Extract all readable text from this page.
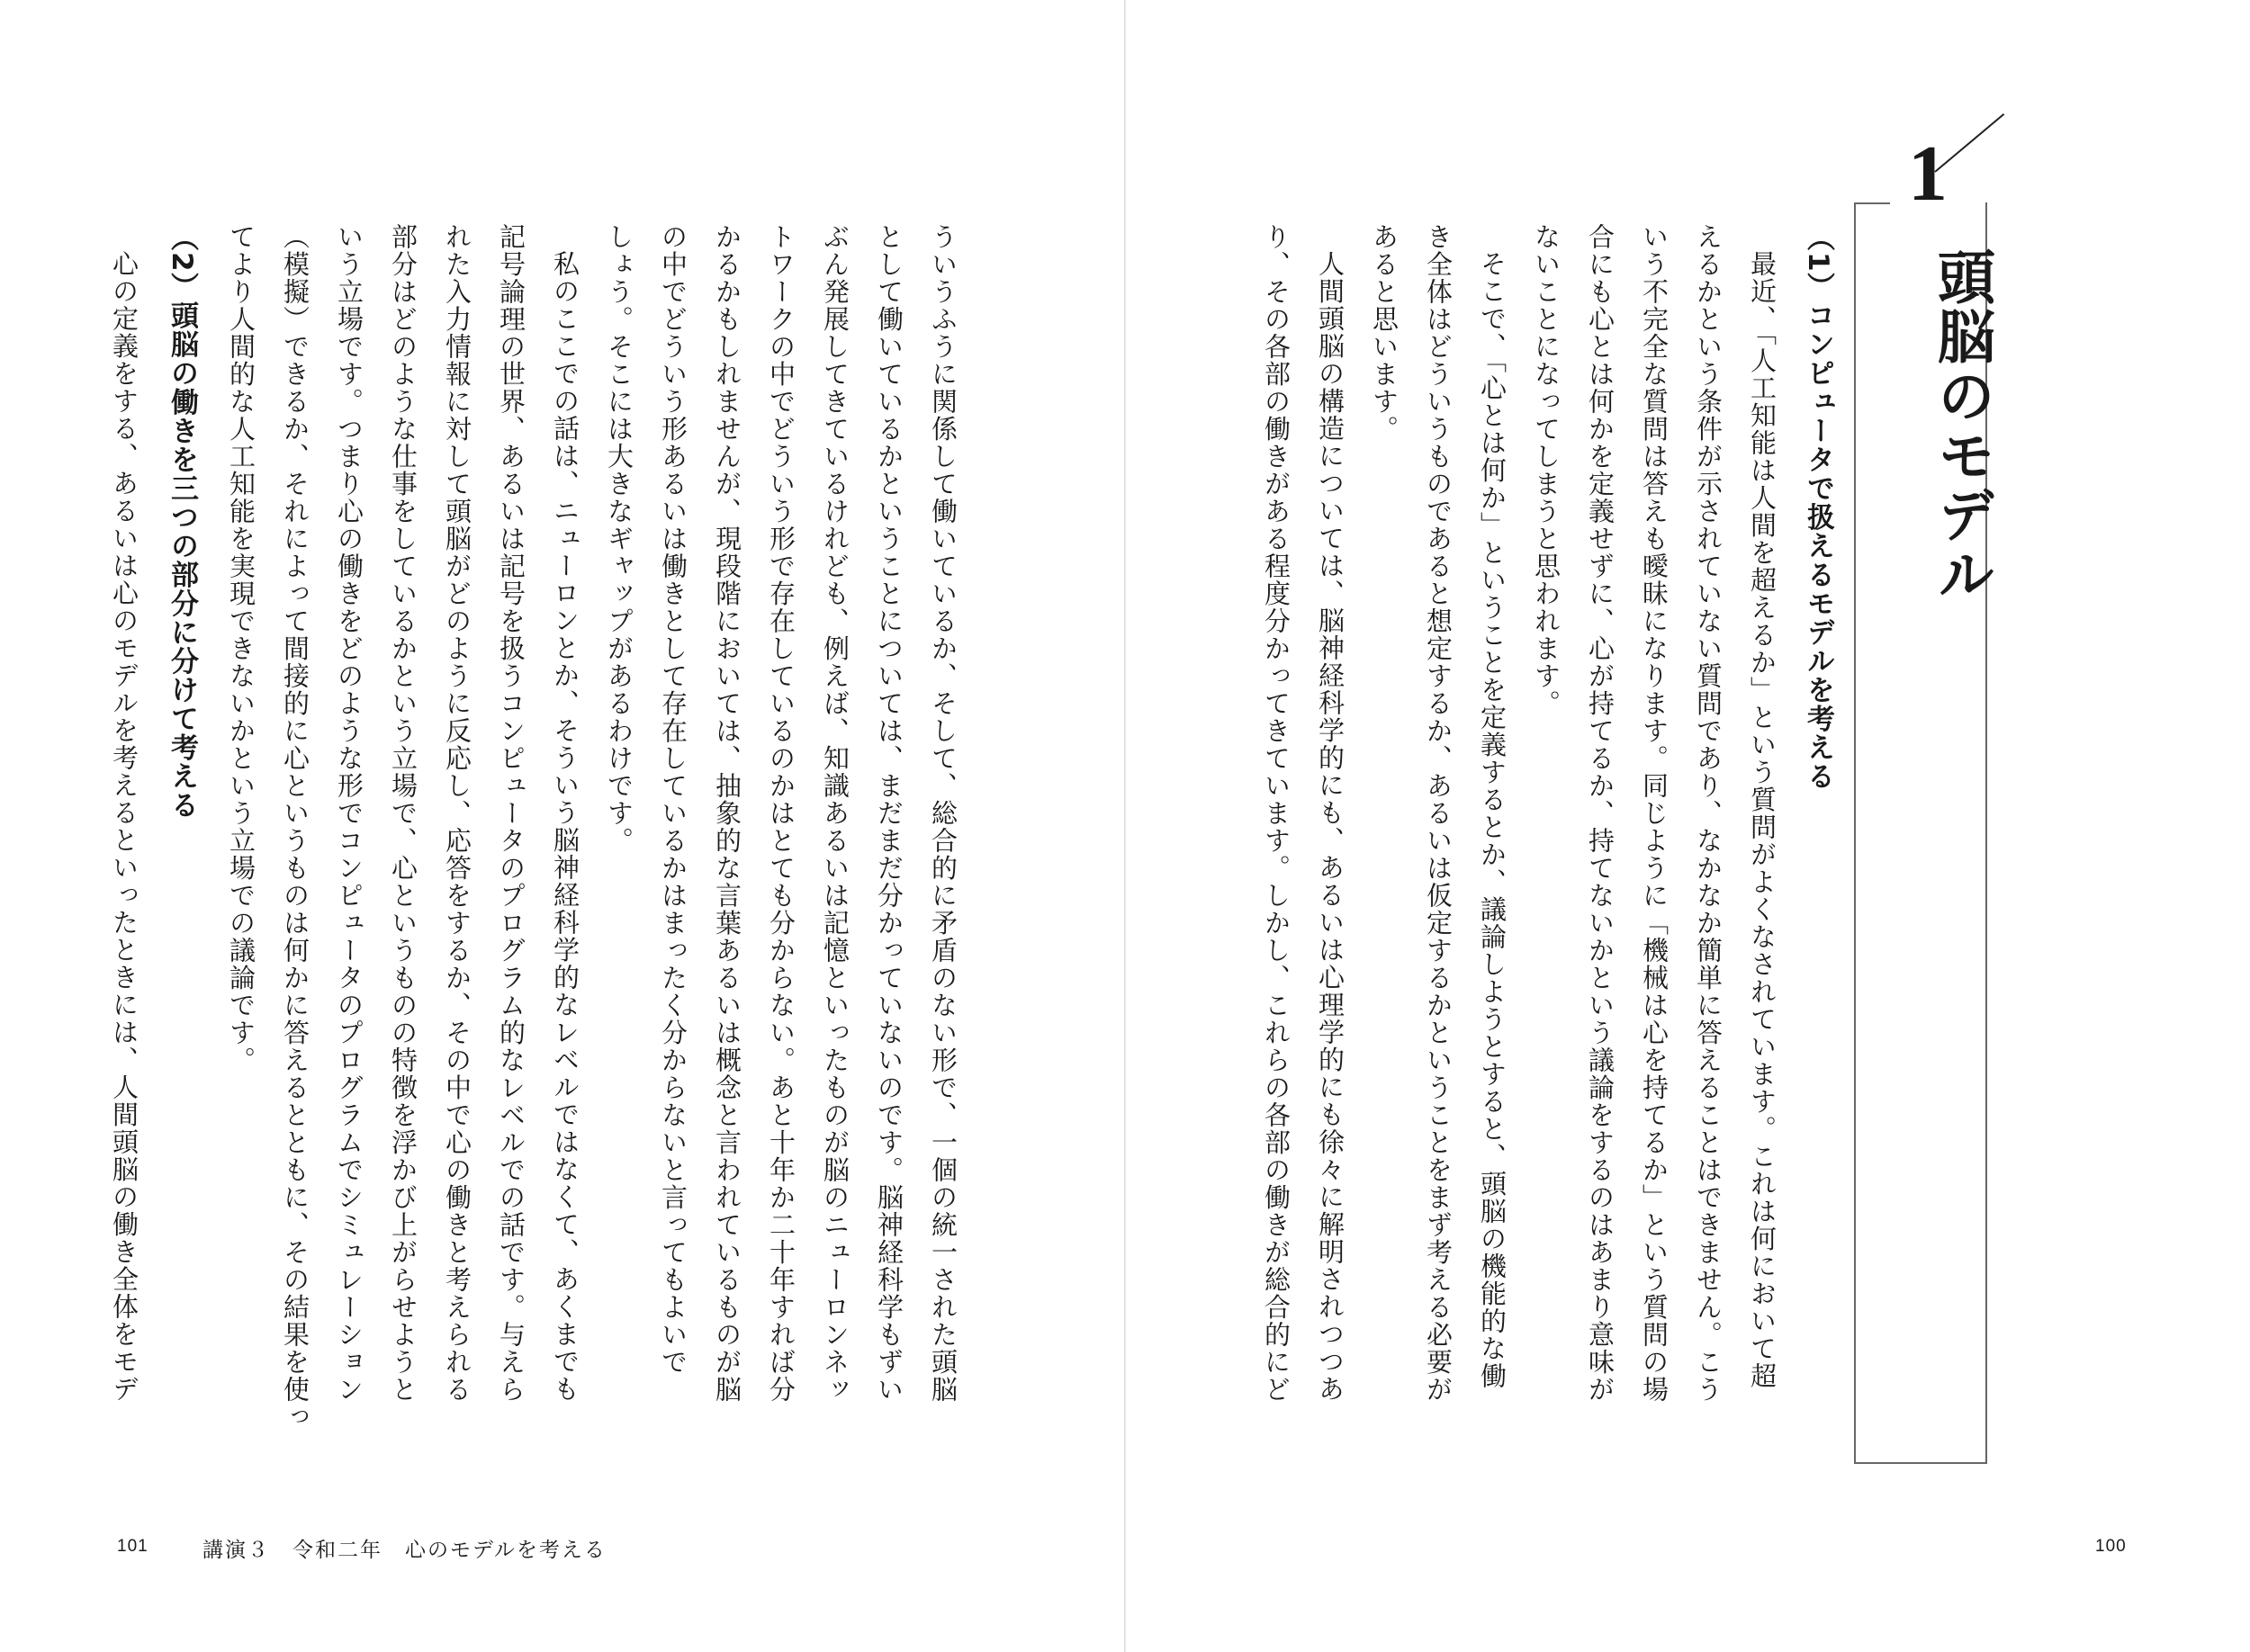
ういうふうに関係して働いているか、そして、総合的に矛盾のない形で、一個の統一された頭脳
として働いているかということについては、まだまだ分かっていないのです。脳神経科学もずい
ぶん発展してきているけれども、例えば、知識あるいは記憶といったものが脳のニューロンネッ
トワークの中でどういう形で存在しているのかはとても分からない。あと十年か二十年すれば分
かるかもしれませんが、現段階においては、抽象的な言葉あるいは概念と言われているものが脳
の中でどういう形あるいは働きとして存在しているかはまったく分からないと言ってもよいで
しょう。そこには大きなギャップがあるわけです。
私のここでの話は、ニューロンとか、そういう脳神経科学的なレベルではなくて、あくまでも
記号論理の世界、あるいは記号を扱うコンピュータのプログラム的なレベルでの話です。与えら
れた入力情報に対して頭脳がどのように反応し、応答をするか、その中で心の働きと考えられる
部分はどのような仕事をしているかという立場で、心というものの特徴を浮かび上がらせようと
いう立場です。つまり心の働きをどのような形でコンピュータのプログラムでシミュレーション
（模擬）できるか、それによって間接的に心というものは何かに答えるとともに、その結果を使っ
てより人間的な人工知能を実現できないかという立場での議論です。
（2）頭脳の働きを三つの部分に分けて考える
心の定義をする、あるいは心のモデルを考えるといったときには、人間頭脳の働き全体をモデ
101	講演３　令和二年　心のモデルを考える
1
頭脳のモデル
（1）コンピュータで扱えるモデルを考える
最近、「人工知能は人間を超えるか」という質問がよくなされています。これは何において超
えるかという条件が示されていない質問であり、なかなか簡単に答えることはできません。こう
いう不完全な質問は答えも曖昧になります。同じように「機械は心を持てるか」という質問の場
合にも心とは何かを定義せずに、心が持てるか、持てないかという議論をするのはあまり意味が
ないことになってしまうと思われます。
そこで、「心とは何か」ということを定義するとか、議論しようとすると、頭脳の機能的な働
き全体はどういうものであると想定するか、あるいは仮定するかということをまず考える必要が
あると思います。
人間頭脳の構造については、脳神経科学的にも、あるいは心理学的にも徐々に解明されつつあ
り、その各部の働きがある程度分かってきています。しかし、これらの各部の働きが総合的にど
100
